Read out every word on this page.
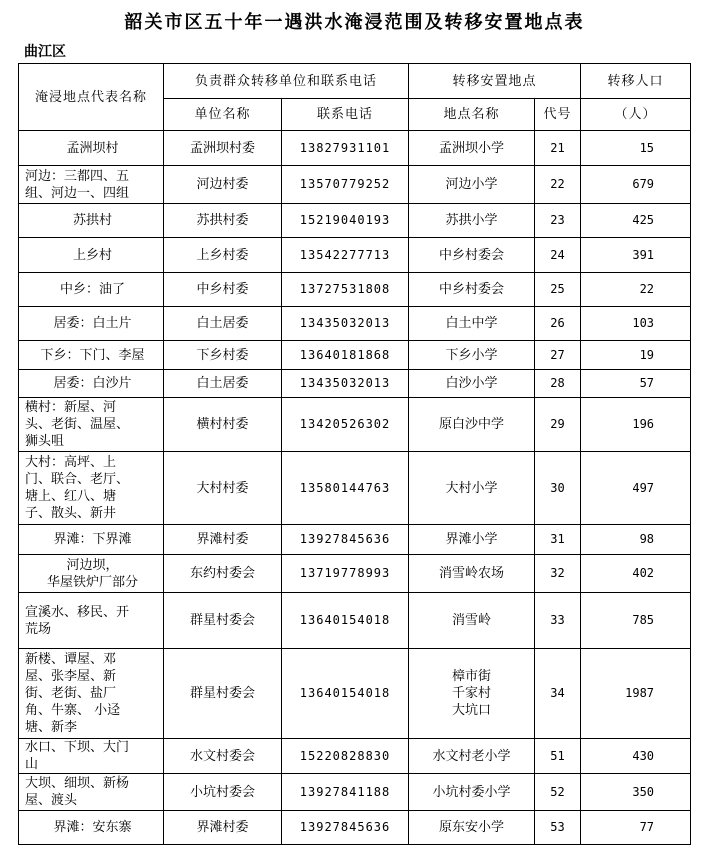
韶关市区五十年一遇洪水淹浸范围及转移安置地点表
曲江区
淹浸地点代表名称	负责群众转移单位和联系电话		转移安置地点		转移人口
	单位名称	联系电话	地点名称	代号	（人）

孟洲坝村	孟洲坝村委	13827931101	孟洲坝小学	21	15

河边：三都四、五
组、河边一、四组	河边村委	13570779252	河边小学	22	679

苏拱村	苏拱村委	15219040193	苏拱小学	23	425

上乡村	上乡村委	13542277713	中乡村委会	24	391

中乡：油了	中乡村委	13727531808	中乡村委会	25	22

居委：白土片	白土居委	13435032013	白土中学	26	103

下乡：下门、李屋	下乡村委	13640181868	下乡小学	27	19

居委：白沙片	白土居委	13435032013	白沙小学	28	57

横村：新屋、河
头、老街、温屋、
狮头咀	横村村委	13420526302	原白沙中学	29	196

大村：高坪、上
门、联合、老厅、
塘上、红八、塘
子、散头、新井	大村村委	13580144763	大村小学	30	497

界滩：下界滩	界滩村委	13927845636	界滩小学	31	98

河边坝，
华屋铁炉厂部分	东约村委会	13719778993	消雪岭农场	32	402

宣溪水、移民、开
荒场	群星村委会	13640154018	消雪岭	33	785

新楼、谭屋、邓
屋、张李屋、新
街、老街、盐厂
角、牛寨、 小迳
塘、新李	群星村委会	13640154018	樟市街
千家村
大坑口	34	1987

水口、下坝、大门
山	水文村委会	15220828830	水文村老小学	51	430

大坝、细坝、新杨
屋、渡头	小坑村委会	13927841188	小坑村委小学	52	350

界滩：安东寨	界滩村委	13927845636	原东安小学	53	77
